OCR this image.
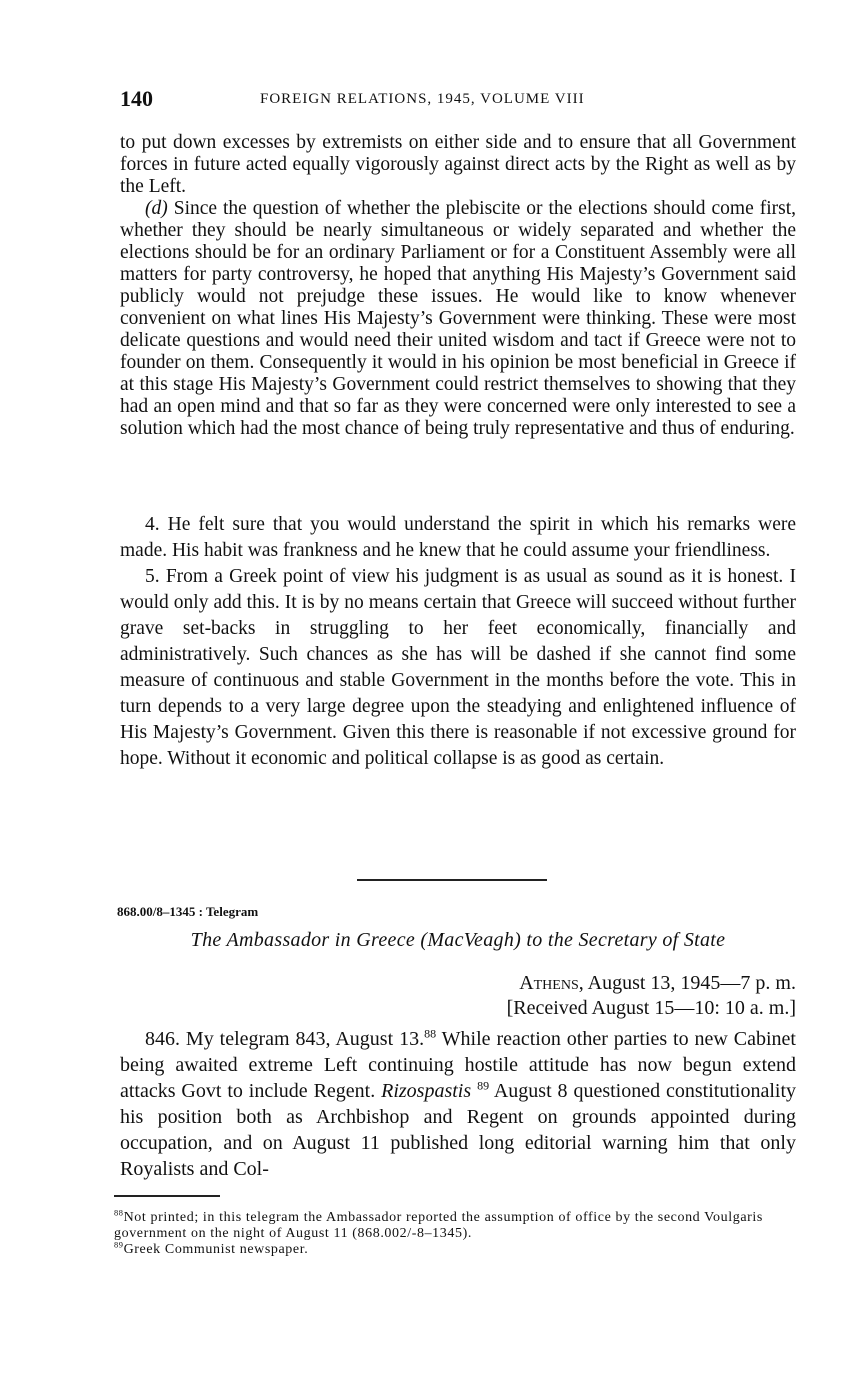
140	FOREIGN RELATIONS, 1945, VOLUME VIII

to put down excesses by extremists on either side and to ensure that all Government forces in future acted equally vigorously against direct acts by the Right as well as by the Left.

(d) Since the question of whether the plebiscite or the elections should come first, whether they should be nearly simultaneous or widely separated and whether the elections should be for an ordinary Parliament or for a Constituent Assembly were all matters for party controversy, he hoped that anything His Majesty’s Government said publicly would not prejudge these issues. He would like to know whenever convenient on what lines His Majesty’s Government were thinking. These were most delicate questions and would need their united wisdom and tact if Greece were not to founder on them. Consequently it would in his opinion be most beneficial in Greece if at this stage His Majesty’s Government could restrict themselves to showing that they had an open mind and that so far as they were concerned were only interested to see a solution which had the most chance of being truly representative and thus of enduring.

4. He felt sure that you would understand the spirit in which his remarks were made. His habit was frankness and he knew that he could assume your friendliness.

5. From a Greek point of view his judgment is as usual as sound as it is honest. I would only add this. It is by no means certain that Greece will succeed without further grave set-backs in struggling to her feet economically, financially and administratively. Such chances as she has will be dashed if she cannot find some measure of continuous and stable Government in the months before the vote. This in turn depends to a very large degree upon the steadying and enlightened influence of His Majesty’s Government. Given this there is reasonable if not excessive ground for hope. Without it economic and political collapse is as good as certain.

868.00/8–1345 : Telegram
The Ambassador in Greece (MacVeagh) to the Secretary of State
Athens, August 13, 1945—7 p. m.
[Received August 15—10: 10 a. m.]

846. My telegram 843, August 13.88 While reaction other parties to new Cabinet being awaited extreme Left continuing hostile attitude has now begun extend attacks Govt to include Regent. Rizospastis $^{89}$ August 8 questioned constitutionality his position both as Archbishop and Regent on grounds appointed during occupation, and on August 11 published long editorial warning him that only Royalists and Col-

$^{88}$Not printed; in this telegram the Ambassador reported the assumption of office by the second Voulgaris government on the night of August 11 (868.002/-8–1345).

$^{89}$Greek Communist newspaper.
